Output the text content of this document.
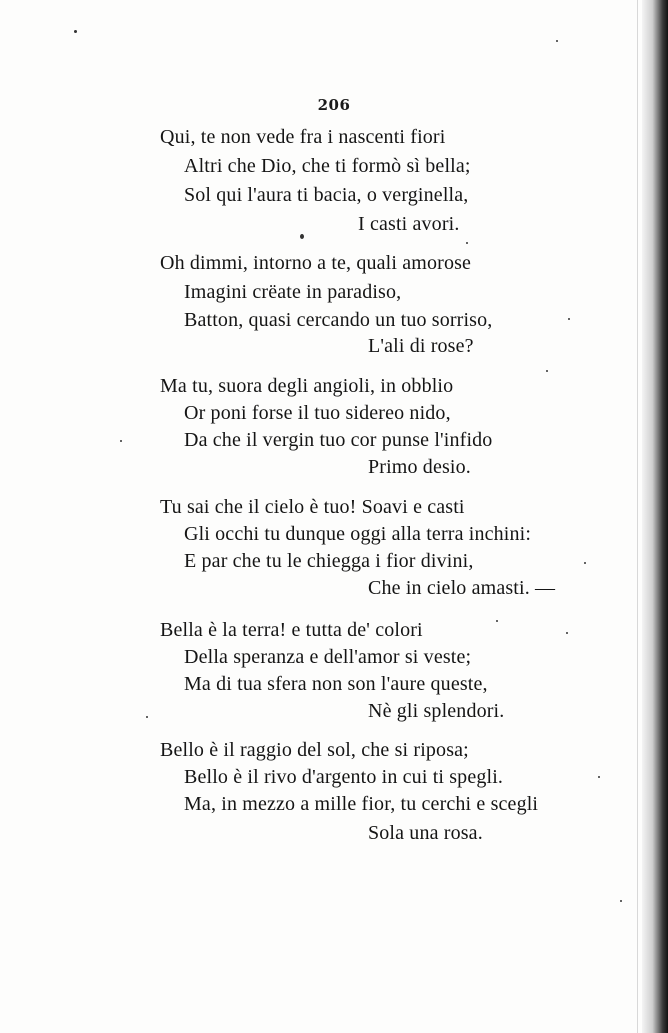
206
Qui, te non vede fra i nascenti fiori
Altri che Dio, che ti formò sì bella;
Sol qui l'aura ti bacia, o verginella,
I casti avori.
Oh dimmi, intorno a te, quali amorose
Imagini crëate in paradiso,
Batton, quasi cercando un tuo sorriso,
L'ali di rose?
Ma tu, suora degli angioli, in obblio
Or poni forse il tuo sidereo nido,
Da che il vergin tuo cor punse l'infido
Primo desio.
Tu sai che il cielo è tuo! Soavi e casti
Gli occhi tu dunque oggi alla terra inchini:
E par che tu le chiegga i fior divini,
Che in cielo amasti. —
Bella è la terra! e tutta de' colori
Della speranza e dell'amor si veste;
Ma di tua sfera non son l'aure queste,
Nè gli splendori.
Bello è il raggio del sol, che si riposa;
Bello è il rivo d'argento in cui ti spegli.
Ma, in mezzo a mille fior, tu cerchi e scegli
Sola una rosa.
